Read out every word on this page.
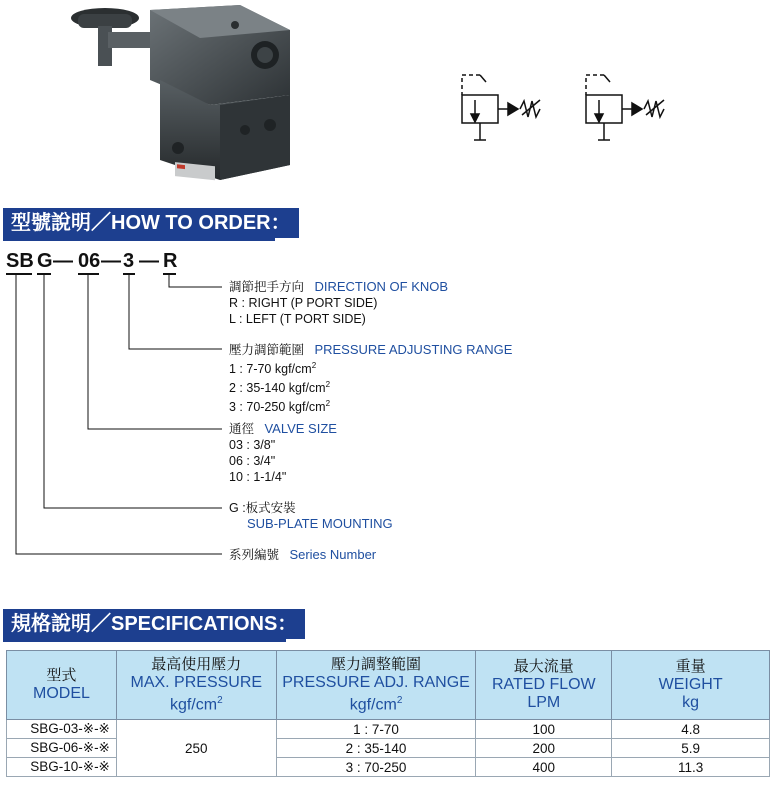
型號說明／HOW TO ORDER：
SB G — 06 — 3 — R
調節把手方向 DIRECTION OF KNOB
R : RIGHT (P PORT SIDE)
L : LEFT (T PORT SIDE)
壓力調節範圍 PRESSURE ADJUSTING RANGE
1 : 7-70 kgf/$cm^2$
2 : 35-140 kgf/$cm^2$
3 : 70-250 kgf/$cm^2$
通徑 VALVE SIZE
03 : 3/8"
06 : 3/4"
10 : 1-1/4"
G :板式安裝
SUB-PLATE MOUNTING
系列編號 Series Number
規格說明／SPECIFICATIONS：
型式
MODEL	最高使用壓力
MAX. PRESSURE
kgf/$cm^2$	壓力調整範圍
PRESSURE ADJ. RANGE
kgf/$cm^2$	最大流量
RATED FLOW
LPM	重量
WEIGHT
kg
SBG-03-※-※	250	1 : 7-70	100	4.8
SBG-06-※-※		2 : 35-140	200	5.9
SBG-10-※-※		3 : 70-250	400	11.3
